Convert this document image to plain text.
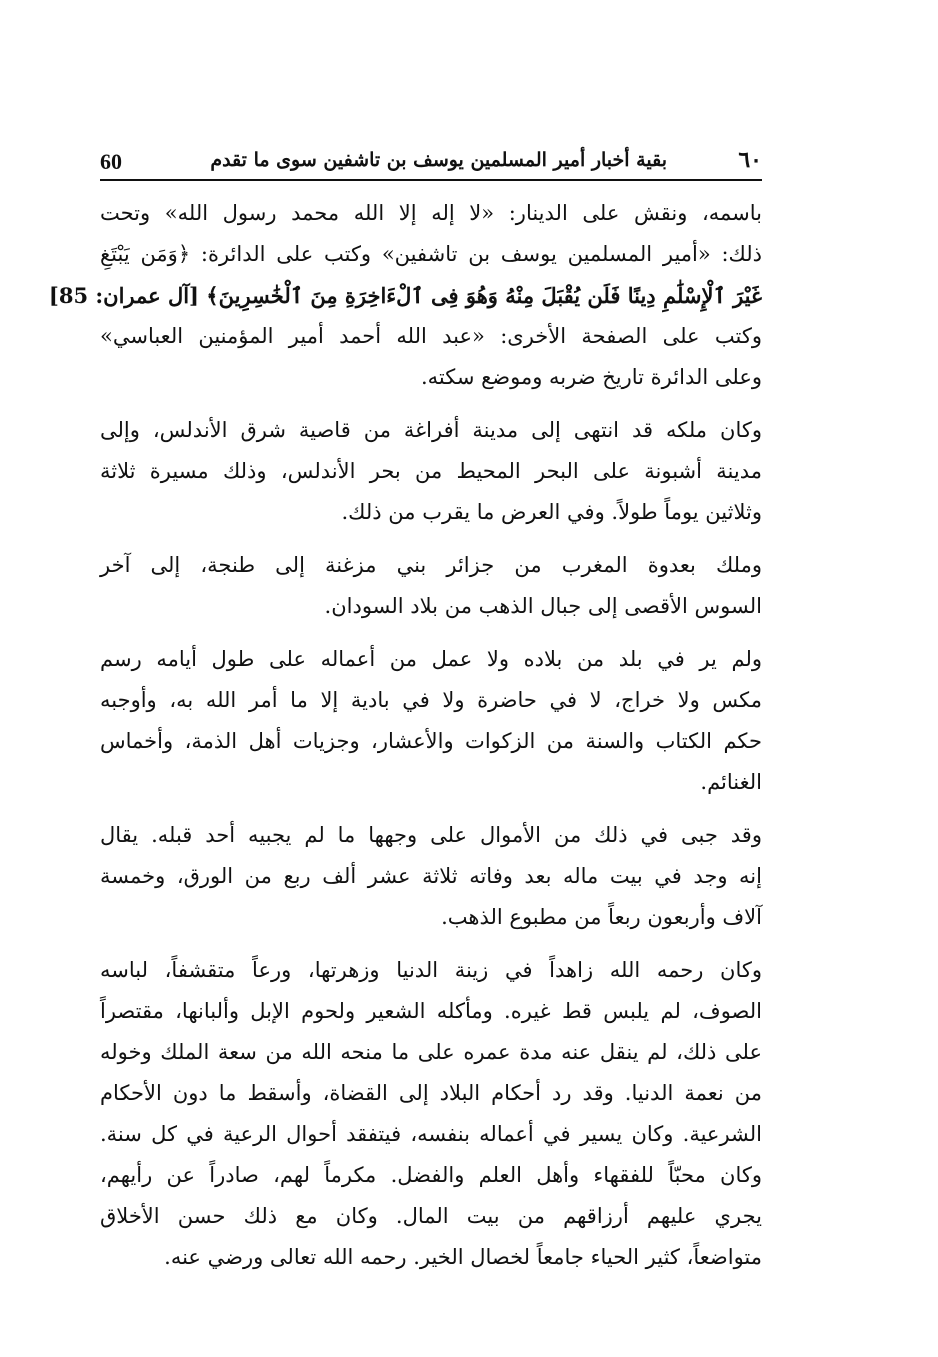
60	بقية أخبار أمير المسلمين يوسف بن تاشفين سوى ما تقدم	٦٠
باسمه، ونقش على الدينار: «لا إله إلا الله محمد رسول الله» وتحت
ذلك: «أمير المسلمين يوسف بن تاشفين» وكتب على الدائرة: ﴿وَمَن يَبْتَغِ
غَيْرَ ٱلْإِسْلَٰمِ دِينًا فَلَن يُقْبَلَ مِنْهُ وَهُوَ فِى ٱلْءَاخِرَةِ مِنَ ٱلْخَٰسِرِينَ﴾ [آل عمران: 85]
وكتب على الصفحة الأخرى: «عبد الله أحمد أمير المؤمنين العباسي»
وعلى الدائرة تاريخ ضربه وموضع سكته.
وكان ملكه قد انتهى إلى مدينة أفراغة من قاصية شرق الأندلس، وإلى
مدينة أشبونة على البحر المحيط من بحر الأندلس، وذلك مسيرة ثلاثة
وثلاثين يوماً طولاً. وفي العرض ما يقرب من ذلك.
وملك بعدوة المغرب من جزائر بني مزغنة إلى طنجة، إلى آخر
السوس الأقصى إلى جبال الذهب من بلاد السودان.
ولم ير في بلد من بلاده ولا عمل من أعماله على طول أيامه رسم
مكس ولا خراج، لا في حاضرة ولا في بادية إلا ما أمر الله به، وأوجبه
حكم الكتاب والسنة من الزكوات والأعشار، وجزيات أهل الذمة، وأخماس
الغنائم.
وقد جبى في ذلك من الأموال على وجهها ما لم يجبيه أحد قبله. يقال
إنه وجد في بيت ماله بعد وفاته ثلاثة عشر ألف ربع من الورق، وخمسة
آلاف وأربعون ربعاً من مطبوع الذهب.
وكان رحمه الله زاهداً في زينة الدنيا وزهرتها، ورعاً متقشفاً، لباسه
الصوف، لم يلبس قط غيره. ومأكله الشعير ولحوم الإبل وألبانها، مقتصراً
على ذلك، لم ينقل عنه مدة عمره على ما منحه الله من سعة الملك وخوله
من نعمة الدنيا. وقد رد أحكام البلاد إلى القضاة، وأسقط ما دون الأحكام
الشرعية. وكان يسير في أعماله بنفسه، فيتفقد أحوال الرعية في كل سنة.
وكان محبّاً للفقهاء وأهل العلم والفضل. مكرماً لهم، صادراً عن رأيهم،
يجري عليهم أرزاقهم من بيت المال. وكان مع ذلك حسن الأخلاق
متواضعاً، كثير الحياء جامعاً لخصال الخير. رحمه الله تعالى ورضي عنه.
